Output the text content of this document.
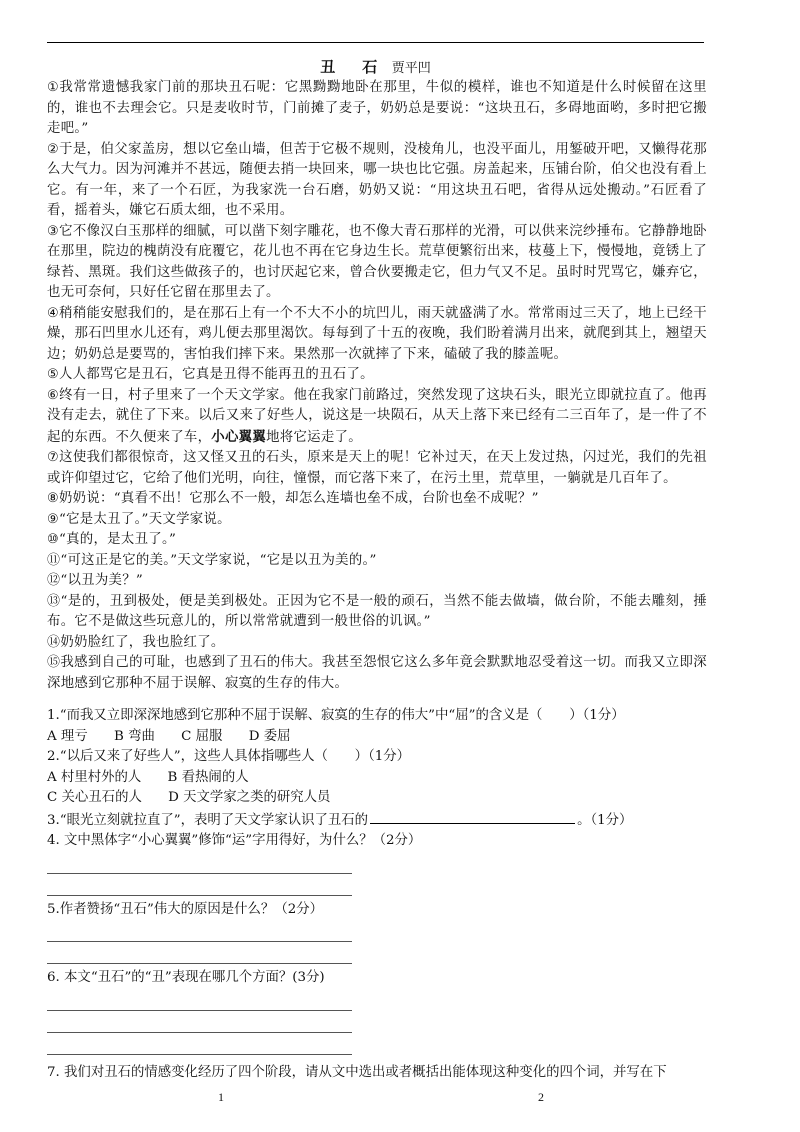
丑　石 贾平凹

①我常常遗憾我家门前的那块丑石呢：它黑黝黝地卧在那里，牛似的模样，谁也不知道是什么时候留在这里的，谁也不去理会它。只是麦收时节，门前摊了麦子，奶奶总是要说：“这块丑石，多碍地面哟，多时把它搬走吧。”

②于是，伯父家盖房，想以它垒山墙，但苦于它极不规则，没棱角儿，也没平面儿，用錾破开吧，又懒得花那么大气力。因为河滩并不甚远，随便去捎一块回来，哪一块也比它强。房盖起来，压铺台阶，伯父也没有看上它。有一年，来了一个石匠，为我家洗一台石磨，奶奶又说：“用这块丑石吧，省得从远处搬动。”石匠看了看，摇着头，嫌它石质太细，也不采用。

③它不像汉白玉那样的细腻，可以凿下刻字雕花，也不像大青石那样的光滑，可以供来浣纱捶布。它静静地卧在那里，院边的槐荫没有庇覆它，花儿也不再在它身边生长。荒草便繁衍出来，枝蔓上下，慢慢地，竟锈上了绿苔、黑斑。我们这些做孩子的，也讨厌起它来，曾合伙要搬走它，但力气又不足。虽时时咒骂它，嫌弃它，也无可奈何，只好任它留在那里去了。

④稍稍能安慰我们的，是在那石上有一个不大不小的坑凹儿，雨天就盛满了水。常常雨过三天了，地上已经干燥，那石凹里水儿还有，鸡儿便去那里渴饮。每每到了十五的夜晚，我们盼着满月出来，就爬到其上，翘望天边；奶奶总是要骂的，害怕我们摔下来。果然那一次就摔了下来，磕破了我的膝盖呢。

⑤人人都骂它是丑石，它真是丑得不能再丑的丑石了。

⑥终有一日，村子里来了一个天文学家。他在我家门前路过，突然发现了这块石头，眼光立即就拉直了。他再没有走去，就住了下来。以后又来了好些人，说这是一块陨石，从天上落下来已经有二三百年了，是一件了不起的东西。不久便来了车，小心翼翼地将它运走了。

⑦这使我们都很惊奇，这又怪又丑的石头，原来是天上的呢！它补过天，在天上发过热，闪过光，我们的先祖或许仰望过它，它给了他们光明，向往，憧憬，而它落下来了，在污土里，荒草里，一躺就是几百年了。

⑧奶奶说：“真看不出！它那么不一般，却怎么连墙也垒不成，台阶也垒不成呢？”

⑨“它是太丑了。”天文学家说。

⑩“真的，是太丑了。”

⑪“可这正是它的美。”天文学家说，“它是以丑为美的。”

⑫“以丑为美？”

⑬“是的，丑到极处，便是美到极处。正因为它不是一般的顽石，当然不能去做墙，做台阶，不能去雕刻，捶布。它不是做这些玩意儿的，所以常常就遭到一般世俗的讥讽。”

⑭奶奶脸红了，我也脸红了。

⑮我感到自己的可耻，也感到了丑石的伟大。我甚至怨恨它这么多年竟会默默地忍受着这一切。而我又立即深深地感到它那种不屈于误解、寂寞的生存的伟大。

1.“而我又立即深深地感到它那种不屈于误解、寂寞的生存的伟大”中“屈”的含义是（　　）（1分）

A 理亏 B 弯曲 C 屈服 D 委屈

2.“以后又来了好些人”，这些人具体指哪些人（　　）（1分）

A 村里村外的人 B 看热闹的人

C 关心丑石的人 D 天文学家之类的研究人员

3.“眼光立刻就拉直了”，表明了天文学家认识了丑石的	。（1分）

4. 文中黑体字“小心翼翼”修饰“运”字用得好，为什么？（2分）

5.作者赞扬“丑石”伟大的原因是什么？（2分）

6. 本文“丑石”的“丑”表现在哪几个方面？(3分)

7. 我们对丑石的情感变化经历了四个阶段，请从文中选出或者概括出能体现这种变化的四个词，并写在下

1	2
